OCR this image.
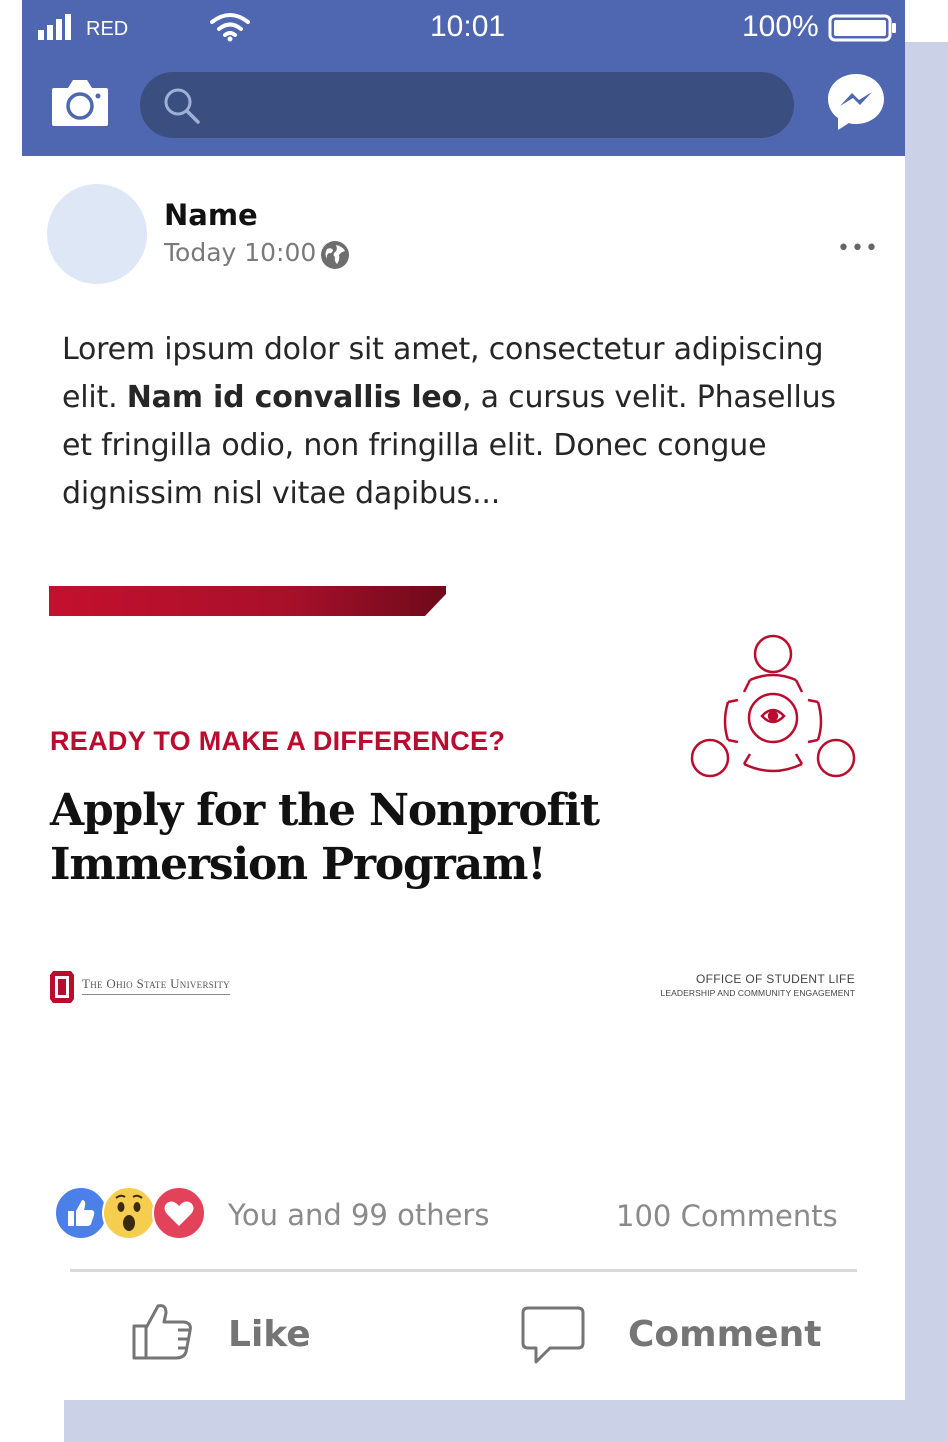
RED	10:01	100%
Name
Today 10:00	•••
Lorem ipsum dolor sit amet, consectetur adipiscing elit. Nam id convallis leo, a cursus velit. Phasellus et fringilla odio, non fringilla elit. Donec congue dignissim nisl vitae dapibus...
READY TO MAKE A DIFFERENCE?
Apply for the Nonprofit
Immersion Program!
The Ohio State University	OFFICE OF STUDENT LIFE
LEADERSHIP AND COMMUNITY ENGAGEMENT
You and 99 others	100 Comments
Like	Comment
